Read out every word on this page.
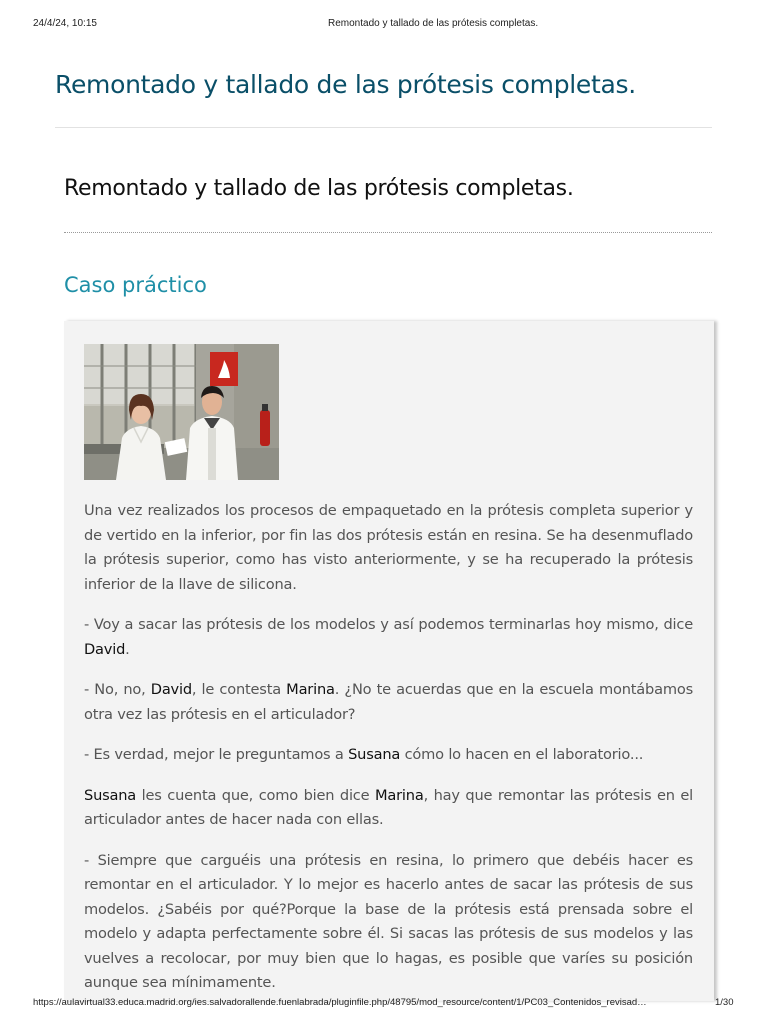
24/4/24, 10:15	Remontado y tallado de las prótesis completas.
Remontado y tallado de las prótesis completas.
Remontado y tallado de las prótesis completas.
Caso práctico

Una vez realizados los procesos de empaquetado en la prótesis completa superior y de vertido en la inferior, por fin las dos prótesis están en resina. Se ha desenmuflado la prótesis superior, como has visto anteriormente, y se ha recuperado la prótesis inferior de la llave de silicona.

- Voy a sacar las prótesis de los modelos y así podemos terminarlas hoy mismo, dice David.

- No, no, David, le contesta Marina. ¿No te acuerdas que en la escuela montábamos otra vez las prótesis en el articulador?

- Es verdad, mejor le preguntamos a Susana cómo lo hacen en el laboratorio...

Susana les cuenta que, como bien dice Marina, hay que remontar las prótesis en el articulador antes de hacer nada con ellas.

- Siempre que carguéis una prótesis en resina, lo primero que debéis hacer es remontar en el articulador. Y lo mejor es hacerlo antes de sacar las prótesis de sus modelos. ¿Sabéis por qué?Porque la base de la prótesis está prensada sobre el modelo y adapta perfectamente sobre él. Si sacas las prótesis de sus modelos y las vuelves a recolocar, por muy bien que lo hagas, es posible que varíes su posición aunque sea mínimamente.

https://aulavirtual33.educa.madrid.org/ies.salvadorallende.fuenlabrada/pluginfile.php/48795/mod_resource/content/1/PC03_Contenidos_revisad…	1/30
